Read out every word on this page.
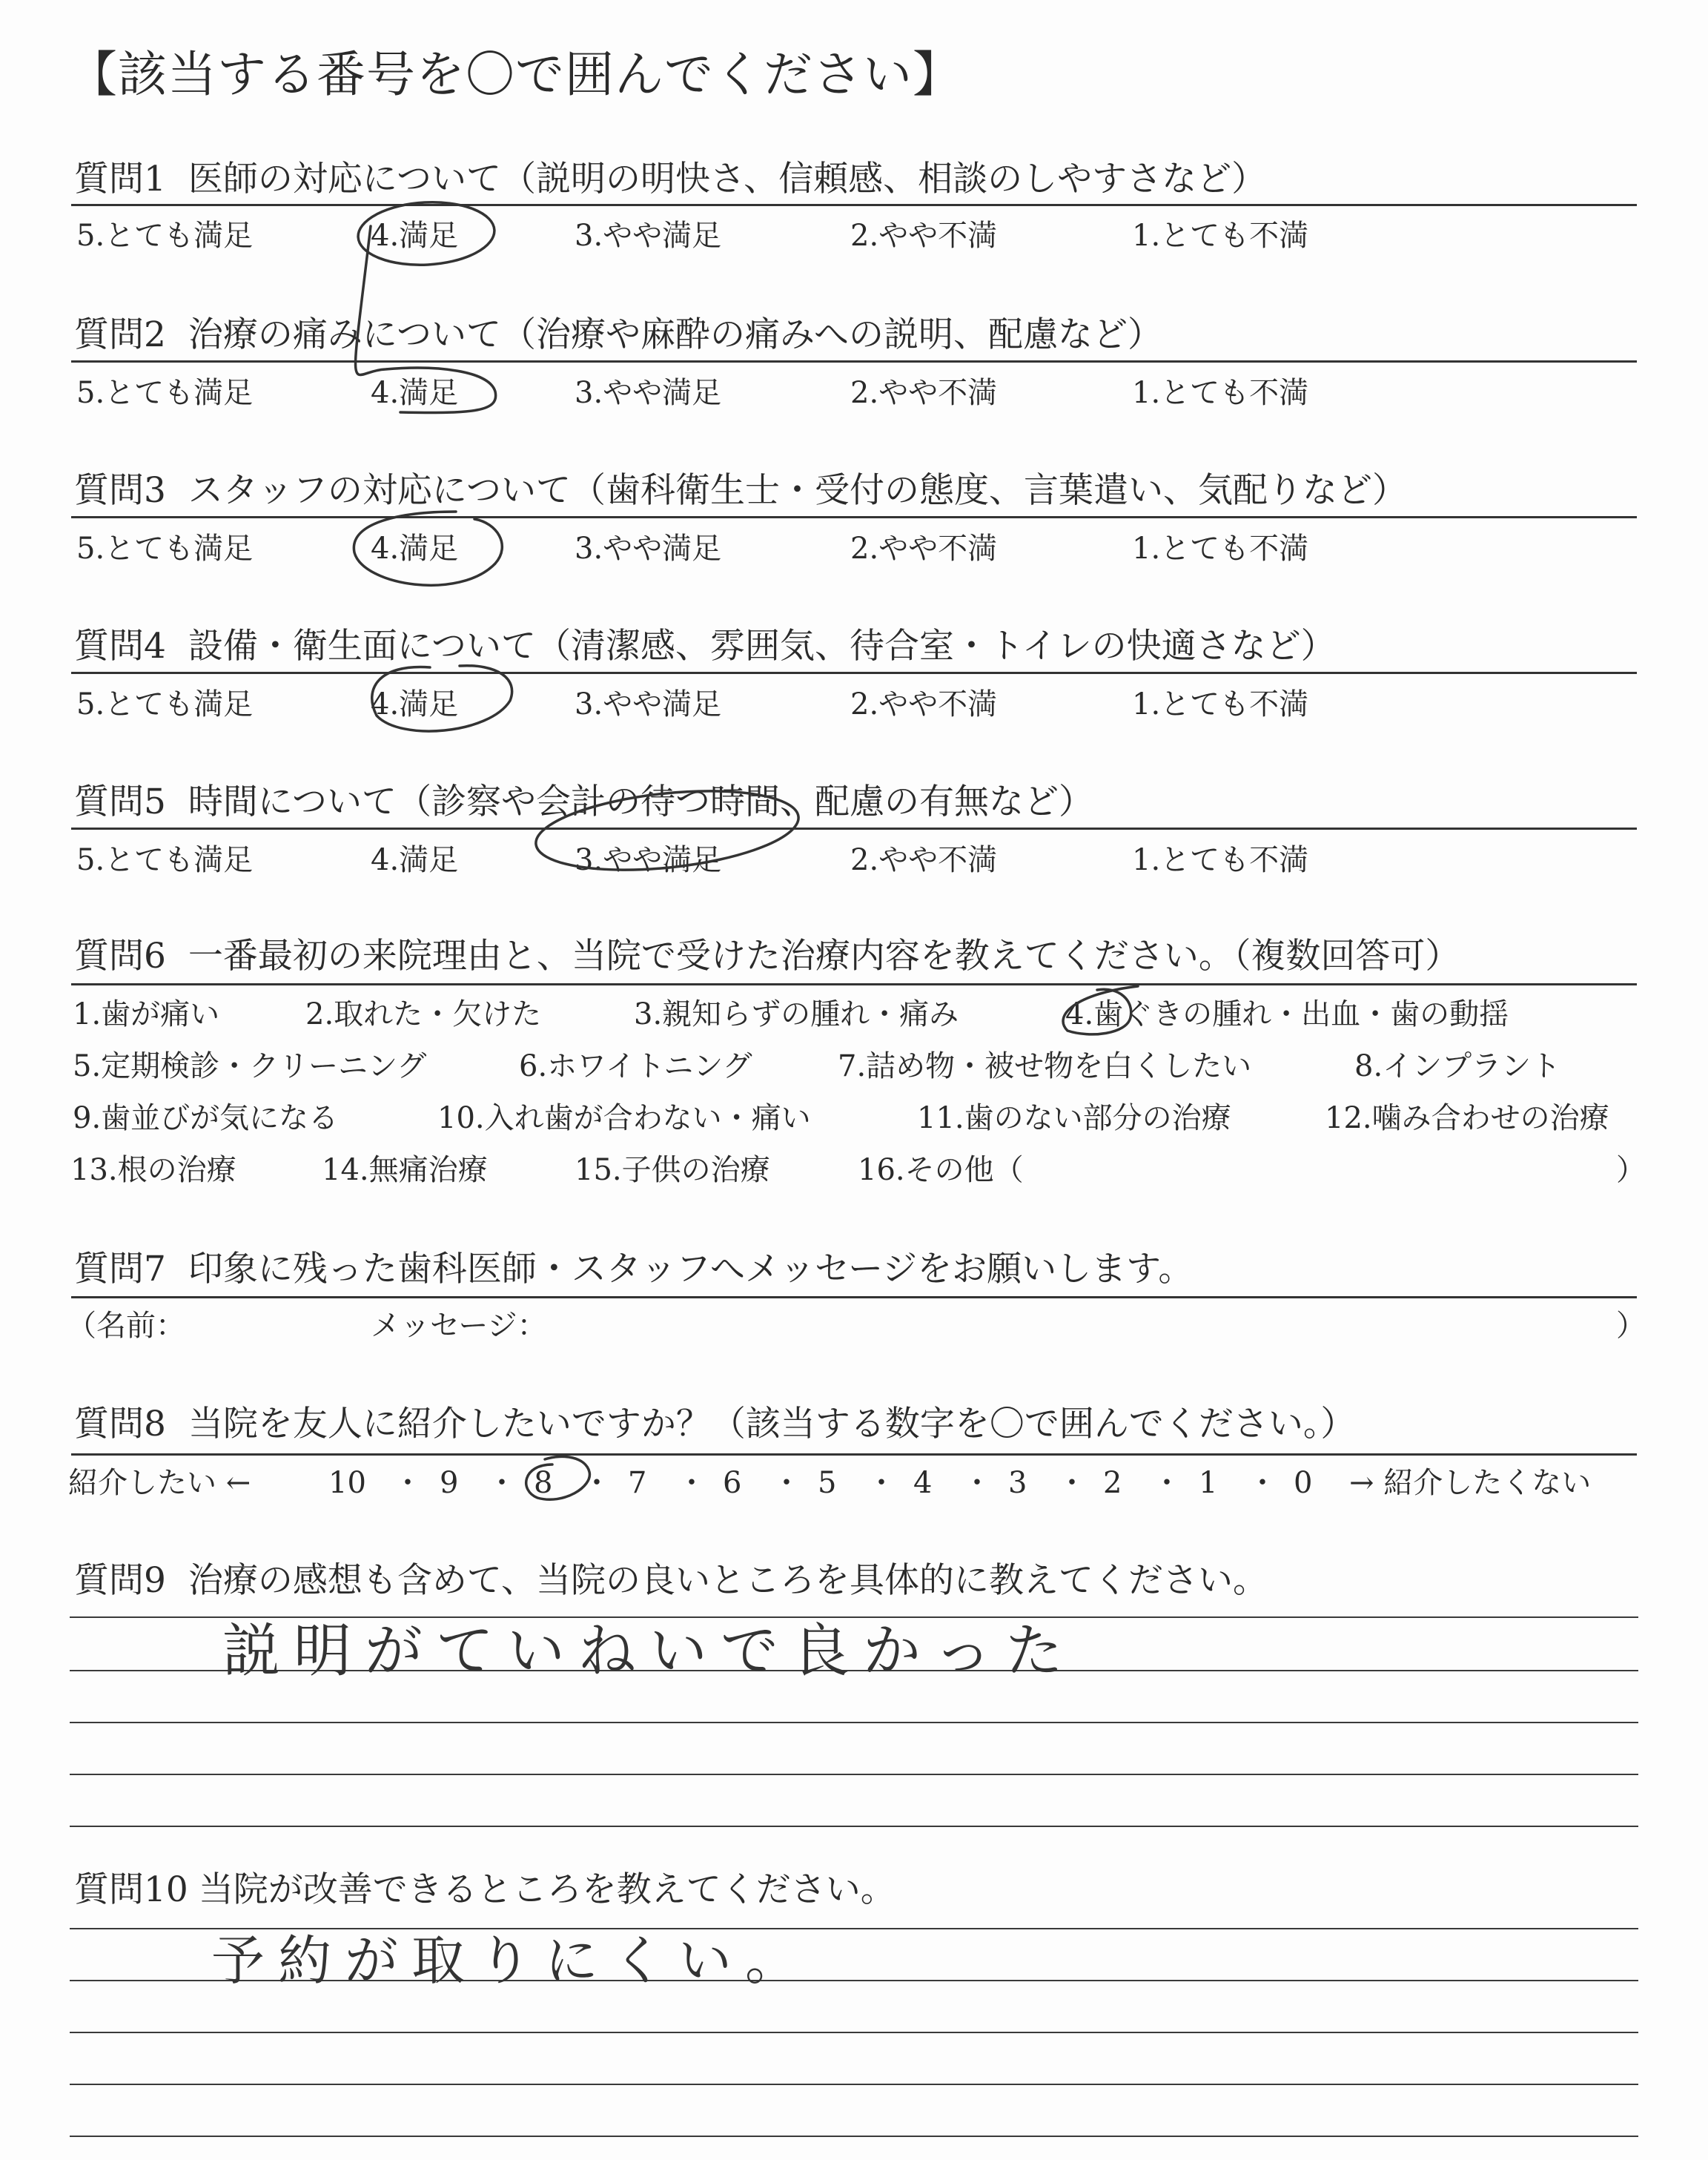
【該当する番号を〇で囲んでください】
質問1 医師の対応について（説明の明快さ、信頼感、相談のしやすさなど）
5.とても満足	4.満足	3.やや満足	2.やや不満	1.とても不満
質問2 治療の痛みについて（治療や麻酔の痛みへの説明、配慮など）
5.とても満足	4.満足	3.やや満足	2.やや不満	1.とても不満
質問3 スタッフの対応について（歯科衛生士・受付の態度、言葉遣い、気配りなど）
5.とても満足	4.満足	3.やや満足	2.やや不満	1.とても不満
質問4 設備・衛生面について（清潔感、雰囲気、待合室・トイレの快適さなど）
5.とても満足	4.満足	3.やや満足	2.やや不満	1.とても不満
質問5 時間について（診察や会計の待つ時間、配慮の有無など）
5.とても満足	4.満足	3.やや満足	2.やや不満	1.とても不満
質問6 一番最初の来院理由と、当院で受けた治療内容を教えてください。（複数回答可）
1.歯が痛い	2.取れた・欠けた	3.親知らずの腫れ・痛み	4.歯ぐきの腫れ・出血・歯の動揺
5.定期検診・クリーニング	6.ホワイトニング	7.詰め物・被せ物を白くしたい	8.インプラント
9.歯並びが気になる	10.入れ歯が合わない・痛い	11.歯のない部分の治療	12.噛み合わせの治療
13.根の治療	14.無痛治療	15.子供の治療	16.その他（	）
質問7 印象に残った歯科医師・スタッフへメッセージをお願いします。
（名前：	メッセージ：	）
質問8 当院を友人に紹介したいですか？（該当する数字を〇で囲んでください。）
紹介したい ←	10 9	8	7	6	5	4	3	2	1	0 → 紹介したくない
・ ・ ・ ・ ・ ・ ・ ・ ・ ・
質問9 治療の感想も含めて、当院の良いところを具体的に教えてください。
説明がていねいで良かった
質問10 当院が改善できるところを教えてください。
予約が取りにくい。
